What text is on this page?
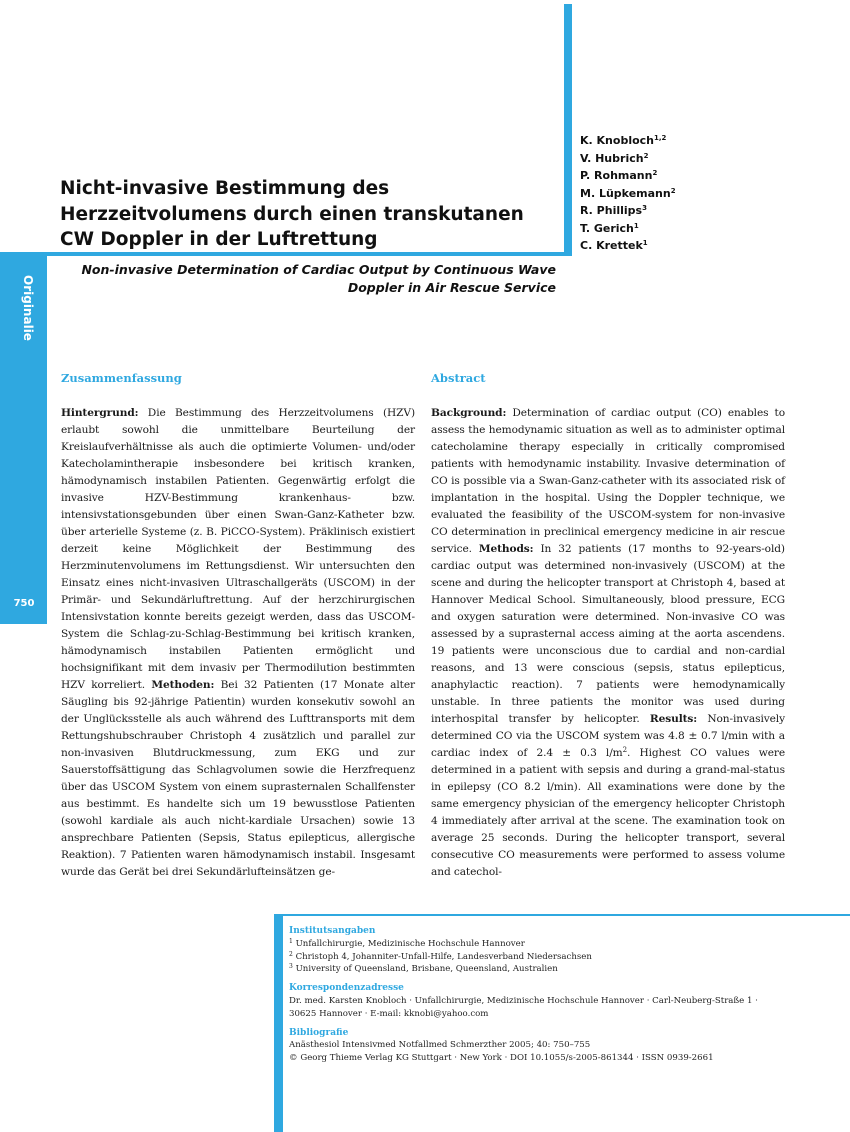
Originalie
750
Nicht-invasive Bestimmung des Herzzeitvolumens durch einen transkutanen CW Doppler in der Luftrettung

Non-invasive Determination of Cardiac Output by Continuous Wave Doppler in Air Rescue Service

K. Knobloch$^{1,2}$
V. Hubrich$^2$
P. Rohmann$^2$
M. Lüpkemann$^2$
R. Phillips$^3$
T. Gerich$^1$
C. Krettek$^1$
Zusammenfassung	Abstract

Hintergrund: Die Bestimmung des Herzzeitvolumens (HZV) erlaubt sowohl die unmittelbare Beurteilung der Kreislaufverhältnisse als auch die optimierte Volumen- und/oder Katecholamintherapie insbesondere bei kritisch kranken, hämodynamisch instabilen Patienten. Gegenwärtig erfolgt die invasive HZV-Bestimmung krankenhaus- bzw. intensivstationsgebunden über einen Swan-Ganz-Katheter bzw. über arterielle Systeme (z. B. PiCCO-System). Präklinisch existiert derzeit keine Möglichkeit der Bestimmung des Herzminutenvolumens im Rettungsdienst. Wir untersuchten den Einsatz eines nicht-invasiven Ultraschallgeräts (USCOM) in der Primär- und Sekundärluftrettung. Auf der herzchirurgischen Intensivstation konnte bereits gezeigt werden, dass das USCOM-System die Schlag-zu-Schlag-Bestimmung bei kritisch kranken, hämodynamisch instabilen Patienten ermöglicht und hochsignifikant mit dem invasiv per Thermodilution bestimmten HZV korreliert. Methoden: Bei 32 Patienten (17 Monate alter Säugling bis 92-jährige Patientin) wurden konsekutiv sowohl an der Unglücksstelle als auch während des Lufttransports mit dem Rettungshubschrauber Christoph 4 zusätzlich und parallel zur non-invasiven Blutdruckmessung, zum EKG und zur Sauerstoffsättigung das Schlagvolumen sowie die Herzfrequenz über das USCOM System von einem suprasternalen Schallfenster aus bestimmt. Es handelte sich um 19 bewusstlose Patienten (sowohl kardiale als auch nicht-kardiale Ursachen) sowie 13 ansprechbare Patienten (Sepsis, Status epilepticus, allergische Reaktion). 7 Patienten waren hämodynamisch instabil. Insgesamt wurde das Gerät bei drei Sekundärlufteinsätzen ge-

Background: Determination of cardiac output (CO) enables to assess the hemodynamic situation as well as to administer optimal catecholamine therapy especially in critically compromised patients with hemodynamic instability. Invasive determination of CO is possible via a Swan-Ganz-catheter with its associated risk of implantation in the hospital. Using the Doppler technique, we evaluated the feasibility of the USCOM-system for non-invasive CO determination in preclinical emergency medicine in air rescue service. Methods: In 32 patients (17 months to 92-years-old) cardiac output was determined non-invasively (USCOM) at the scene and during the helicopter transport at Christoph 4, based at Hannover Medical School. Simultaneously, blood pressure, ECG and oxygen saturation were determined. Non-invasive CO was assessed by a suprasternal access aiming at the aorta ascendens. 19 patients were unconscious due to cardial and non-cardial reasons, and 13 were conscious (sepsis, status epilepticus, anaphylactic reaction). 7 patients were hemodynamically unstable. In three patients the monitor was used during interhospital transfer by helicopter. Results: Non-invasively determined CO via the USCOM system was 4.8 ± 0.7 l/min with a cardiac index of 2.4 ± 0.3 $l/m^2$. Highest CO values were determined in a patient with sepsis and during a grand-mal-status in epilepsy (CO 8.2 l/min). All examinations were done by the same emergency physician of the emergency helicopter Christoph 4 immediately after arrival at the scene. The examination took on average 25 seconds. During the helicopter transport, several consecutive CO measurements were performed to assess volume and catechol-

Institutsangaben

$^1$ Unfallchirurgie, Medizinische Hochschule Hannover

$^2$ Christoph 4, Johanniter-Unfall-Hilfe, Landesverband Niedersachsen

$^3$ University of Queensland, Brisbane, Queensland, Australien

Korrespondenzadresse

Dr. med. Karsten Knobloch · Unfallchirurgie, Medizinische Hochschule Hannover · Carl-Neuberg-Straße 1 ·

30625 Hannover · E-mail: kknobi@yahoo.com

Bibliografie

Anästhesiol Intensivmed Notfallmed Schmerzther 2005; 40: 750–755

© Georg Thieme Verlag KG Stuttgart · New York · DOI 10.1055/s-2005-861344 · ISSN 0939-2661
